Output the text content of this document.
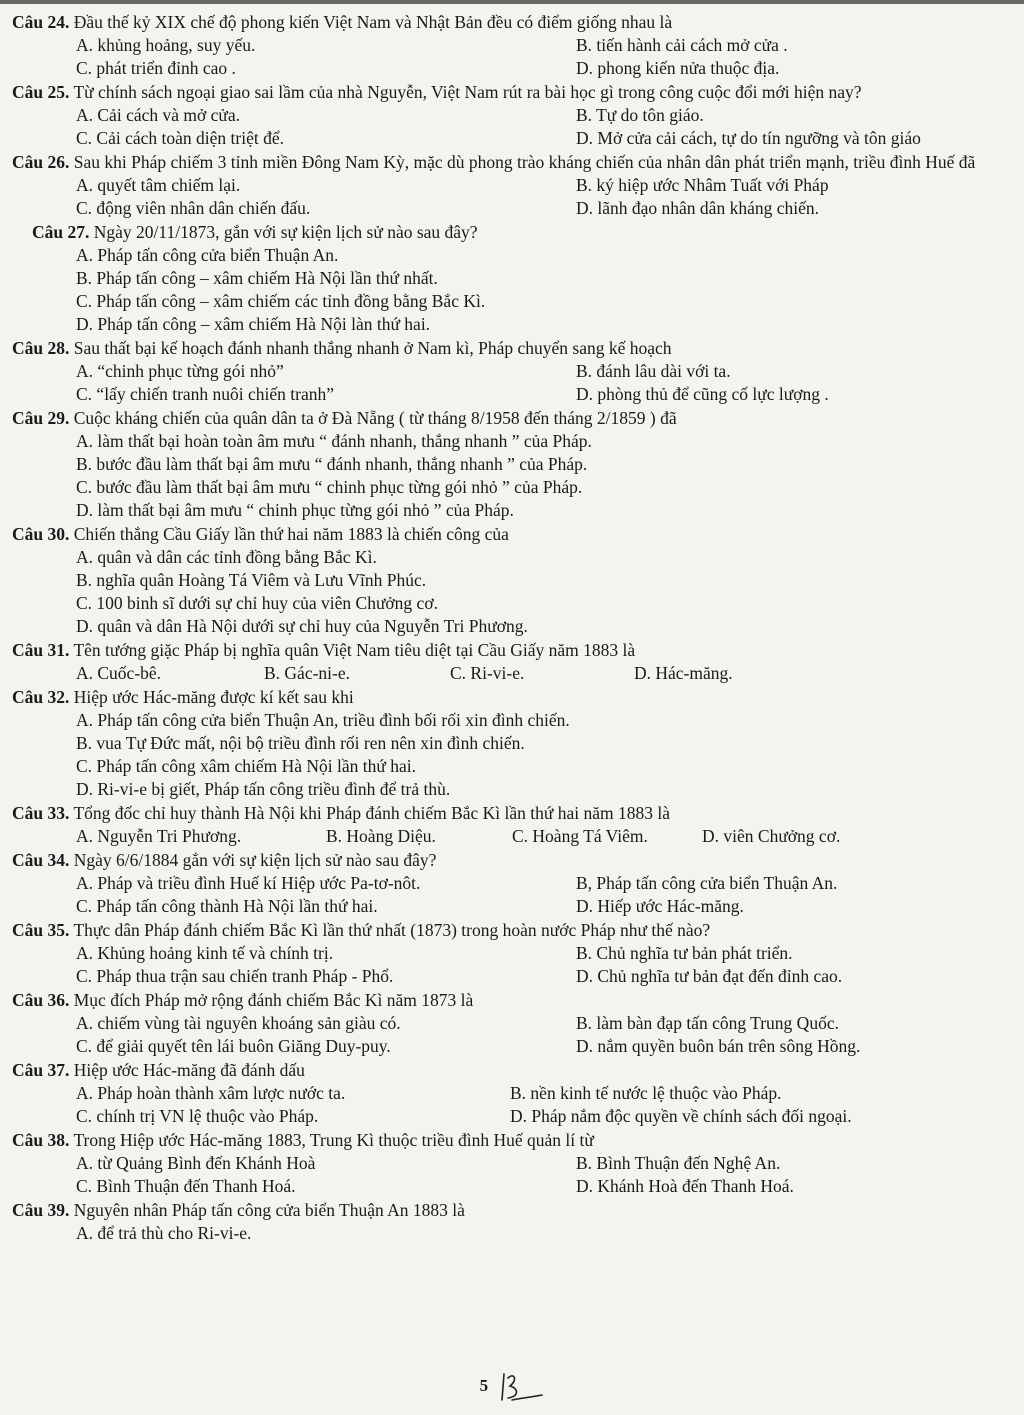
Câu 24. Đầu thế kỷ XIX chế độ phong kiến Việt Nam và Nhật Bản đều có điểm giống nhau là
A. khủng hoảng, suy yếu.	B. tiến hành cải cách mở cửa .
C. phát triển đỉnh cao .	D. phong kiến nửa thuộc địa.
Câu 25. Từ chính sách ngoại giao sai lầm của nhà Nguyễn, Việt Nam rút ra bài học gì trong công cuộc đổi mới hiện nay?
A. Cải cách và mở cửa.	B. Tự do tôn giáo.
C. Cải cách toàn diện triệt để.	D. Mở cửa cải cách, tự do tín ngưỡng và tôn giáo
Câu 26. Sau khi Pháp chiếm 3 tỉnh miền Đông Nam Kỳ, mặc dù phong trào kháng chiến của nhân dân phát triển mạnh, triều đình Huế đã
A. quyết tâm chiếm lại.	B. ký hiệp ước Nhâm Tuất với Pháp
C. động viên nhân dân chiến đấu.	D. lãnh đạo nhân dân kháng chiến.
Câu 27. Ngày 20/11/1873, gắn với sự kiện lịch sử nào sau đây?
A. Pháp tấn công cửa biển Thuận An.
B. Pháp tấn công – xâm chiếm Hà Nội lần thứ nhất.
C. Pháp tấn công – xâm chiếm các tỉnh đồng bằng Bắc Kì.
D. Pháp tấn công – xâm chiếm Hà Nội làn thứ hai.
Câu 28. Sau thất bại kế hoạch đánh nhanh thắng nhanh ở Nam kì, Pháp chuyển sang kế hoạch
A. “chinh phục từng gói nhỏ”	B. đánh lâu dài với ta.
C. “lấy chiến tranh nuôi chiến tranh”	D. phòng thủ để cũng cố lực lượng .
Câu 29. Cuộc kháng chiến của quân dân ta ở Đà Nẵng ( từ tháng 8/1958 đến tháng 2/1859 ) đã
A. làm thất bại hoàn toàn âm mưu “ đánh nhanh, thắng nhanh ” của Pháp.
B. bước đầu làm thất bại âm mưu “ đánh nhanh, thắng nhanh ” của Pháp.
C. bước đầu làm thất bại âm mưu “ chinh phục từng gói nhỏ ” của Pháp.
D. làm thất bại âm mưu “ chinh phục từng gói nhỏ ” của Pháp.
Câu 30. Chiến thắng Cầu Giấy lần thứ hai năm 1883 là chiến công của
A. quân và dân các tỉnh đồng bằng Bắc Kì.
B. nghĩa quân Hoàng Tá Viêm và Lưu Vĩnh Phúc.
C. 100 binh sĩ dưới sự chỉ huy của viên Chưởng cơ.
D. quân và dân Hà Nội dưới sự chỉ huy của Nguyễn Tri Phương.
Câu 31. Tên tướng giặc Pháp bị nghĩa quân Việt Nam tiêu diệt tại Cầu Giấy năm 1883 là
A. Cuốc-bê.	B. Gác-ni-e.	C. Ri-vi-e.	D. Hác-măng.
Câu 32. Hiệp ước Hác-măng được kí kết sau khi
A. Pháp tấn công cửa biển Thuận An, triều đình bối rối xin đình chiến.
B. vua Tự Đức mất, nội bộ triều đình rối ren nên xin đình chiến.
C. Pháp tấn công xâm chiếm Hà Nội lần thứ hai.
D. Ri-vi-e bị giết, Pháp tấn công triều đình để trả thù.
Câu 33. Tổng đốc chỉ huy thành Hà Nội khi Pháp đánh chiếm Bắc Kì lần thứ hai năm 1883 là
A. Nguyễn Tri Phương.	B. Hoàng Diệu.	C. Hoàng Tá Viêm.	D. viên Chưởng cơ.
Câu 34. Ngày 6/6/1884 gắn với sự kiện lịch sử nào sau đây?
A. Pháp và triều đình Huế kí Hiệp ước Pa-tơ-nôt.	B, Pháp tấn công cửa biển Thuận An.
C. Pháp tấn công thành Hà Nội lần thứ hai.	D. Hiếp ước Hác-măng.
Câu 35. Thực dân Pháp đánh chiếm Bắc Kì lần thứ nhất (1873) trong hoàn nước Pháp như thế nào?
A. Khủng hoảng kinh tế và chính trị.	B. Chủ nghĩa tư bản phát triển.
C. Pháp thua trận sau chiến tranh Pháp - Phổ.	D. Chủ nghĩa tư bản đạt đến đỉnh cao.
Câu 36. Mục đích Pháp mở rộng đánh chiếm Bắc Kì năm 1873 là
A. chiếm vùng tài nguyên khoáng sản giàu có.	B. làm bàn đạp tấn công Trung Quốc.
C. để giải quyết tên lái buôn Giăng Duy-puy.	D. nắm quyền buôn bán trên sông Hồng.
Câu 37. Hiệp ước Hác-măng đã đánh dấu
A. Pháp hoàn thành xâm lược nước ta.	B. nền kinh tế nước lệ thuộc vào Pháp.
C. chính trị VN lệ thuộc vào Pháp.	D. Pháp nắm độc quyền về chính sách đối ngoại.
Câu 38. Trong Hiệp ước Hác-măng 1883, Trung Kì thuộc triều đình Huế quản lí từ
A. từ Quảng Bình đến Khánh Hoà	B. Bình Thuận đến Nghệ An.
C. Bình Thuận đến Thanh Hoá.	D. Khánh Hoà đến Thanh Hoá.
Câu 39. Nguyên nhân Pháp tấn công cửa biển Thuận An 1883 là
A. để trả thù cho Ri-vi-e.
5
